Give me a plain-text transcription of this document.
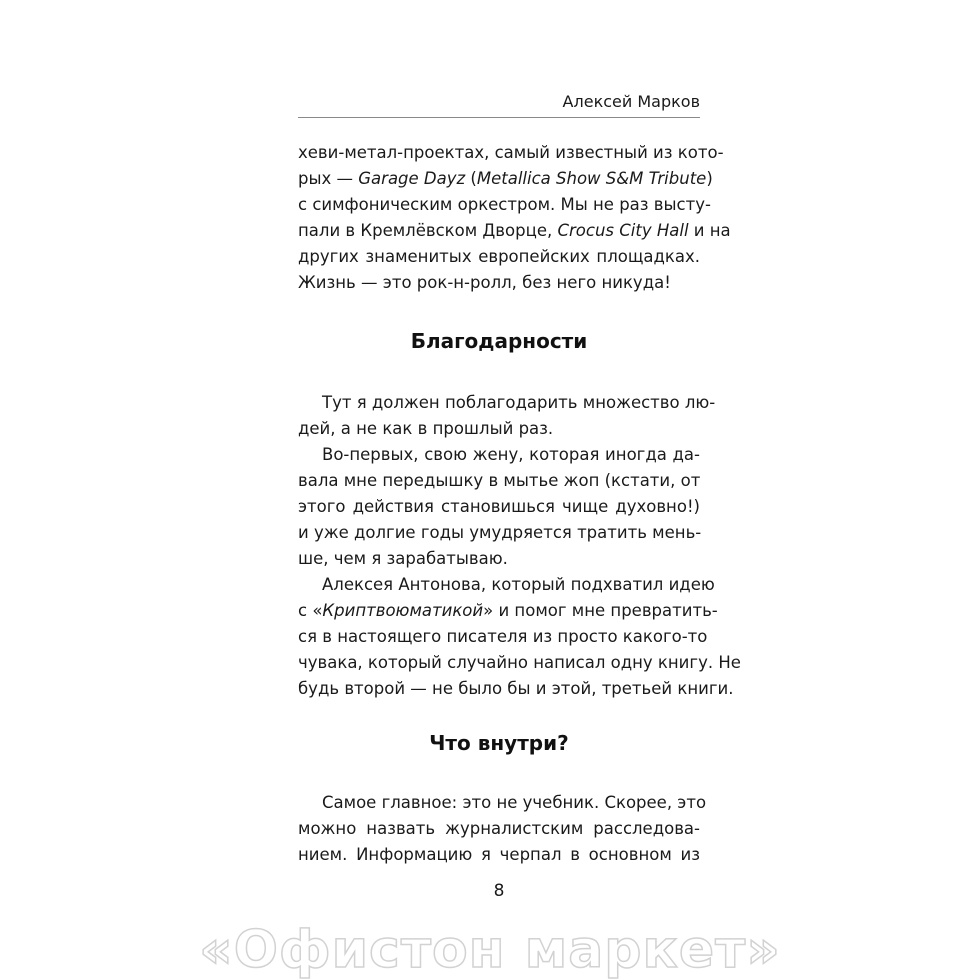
Алексей Марков
хеви-метал-проектах, самый известный из кото-
рых — Garage Dayz (Metallica Show S&M Tribute)
с симфоническим оркестром. Мы не раз высту-
пали в Кремлёвском Дворце, Crocus City Hall и на
других знаменитых европейских площадках.
Жизнь — это рок-н-ролл, без него никуда!
Благодарности
Тут я должен поблагодарить множество лю-
дей, а не как в прошлый раз.
Во-первых, свою жену, которая иногда да-
вала мне передышку в мытье жоп (кстати, от
этого действия становишься чище духовно!)
и уже долгие годы умудряется тратить мень-
ше, чем я зарабатываю.
Алексея Антонова, который подхватил идею
с «Криптвоюматикой» и помог мне превратить-
ся в настоящего писателя из просто какого-то
чувака, который случайно написал одну книгу. Не
будь второй — не было бы и этой, третьей книги.
Что внутри?
Самое главное: это не учебник. Скорее, это
можно назвать журналистским расследова-
нием. Информацию я черпал в основном из
8
«Офистон маркет»
